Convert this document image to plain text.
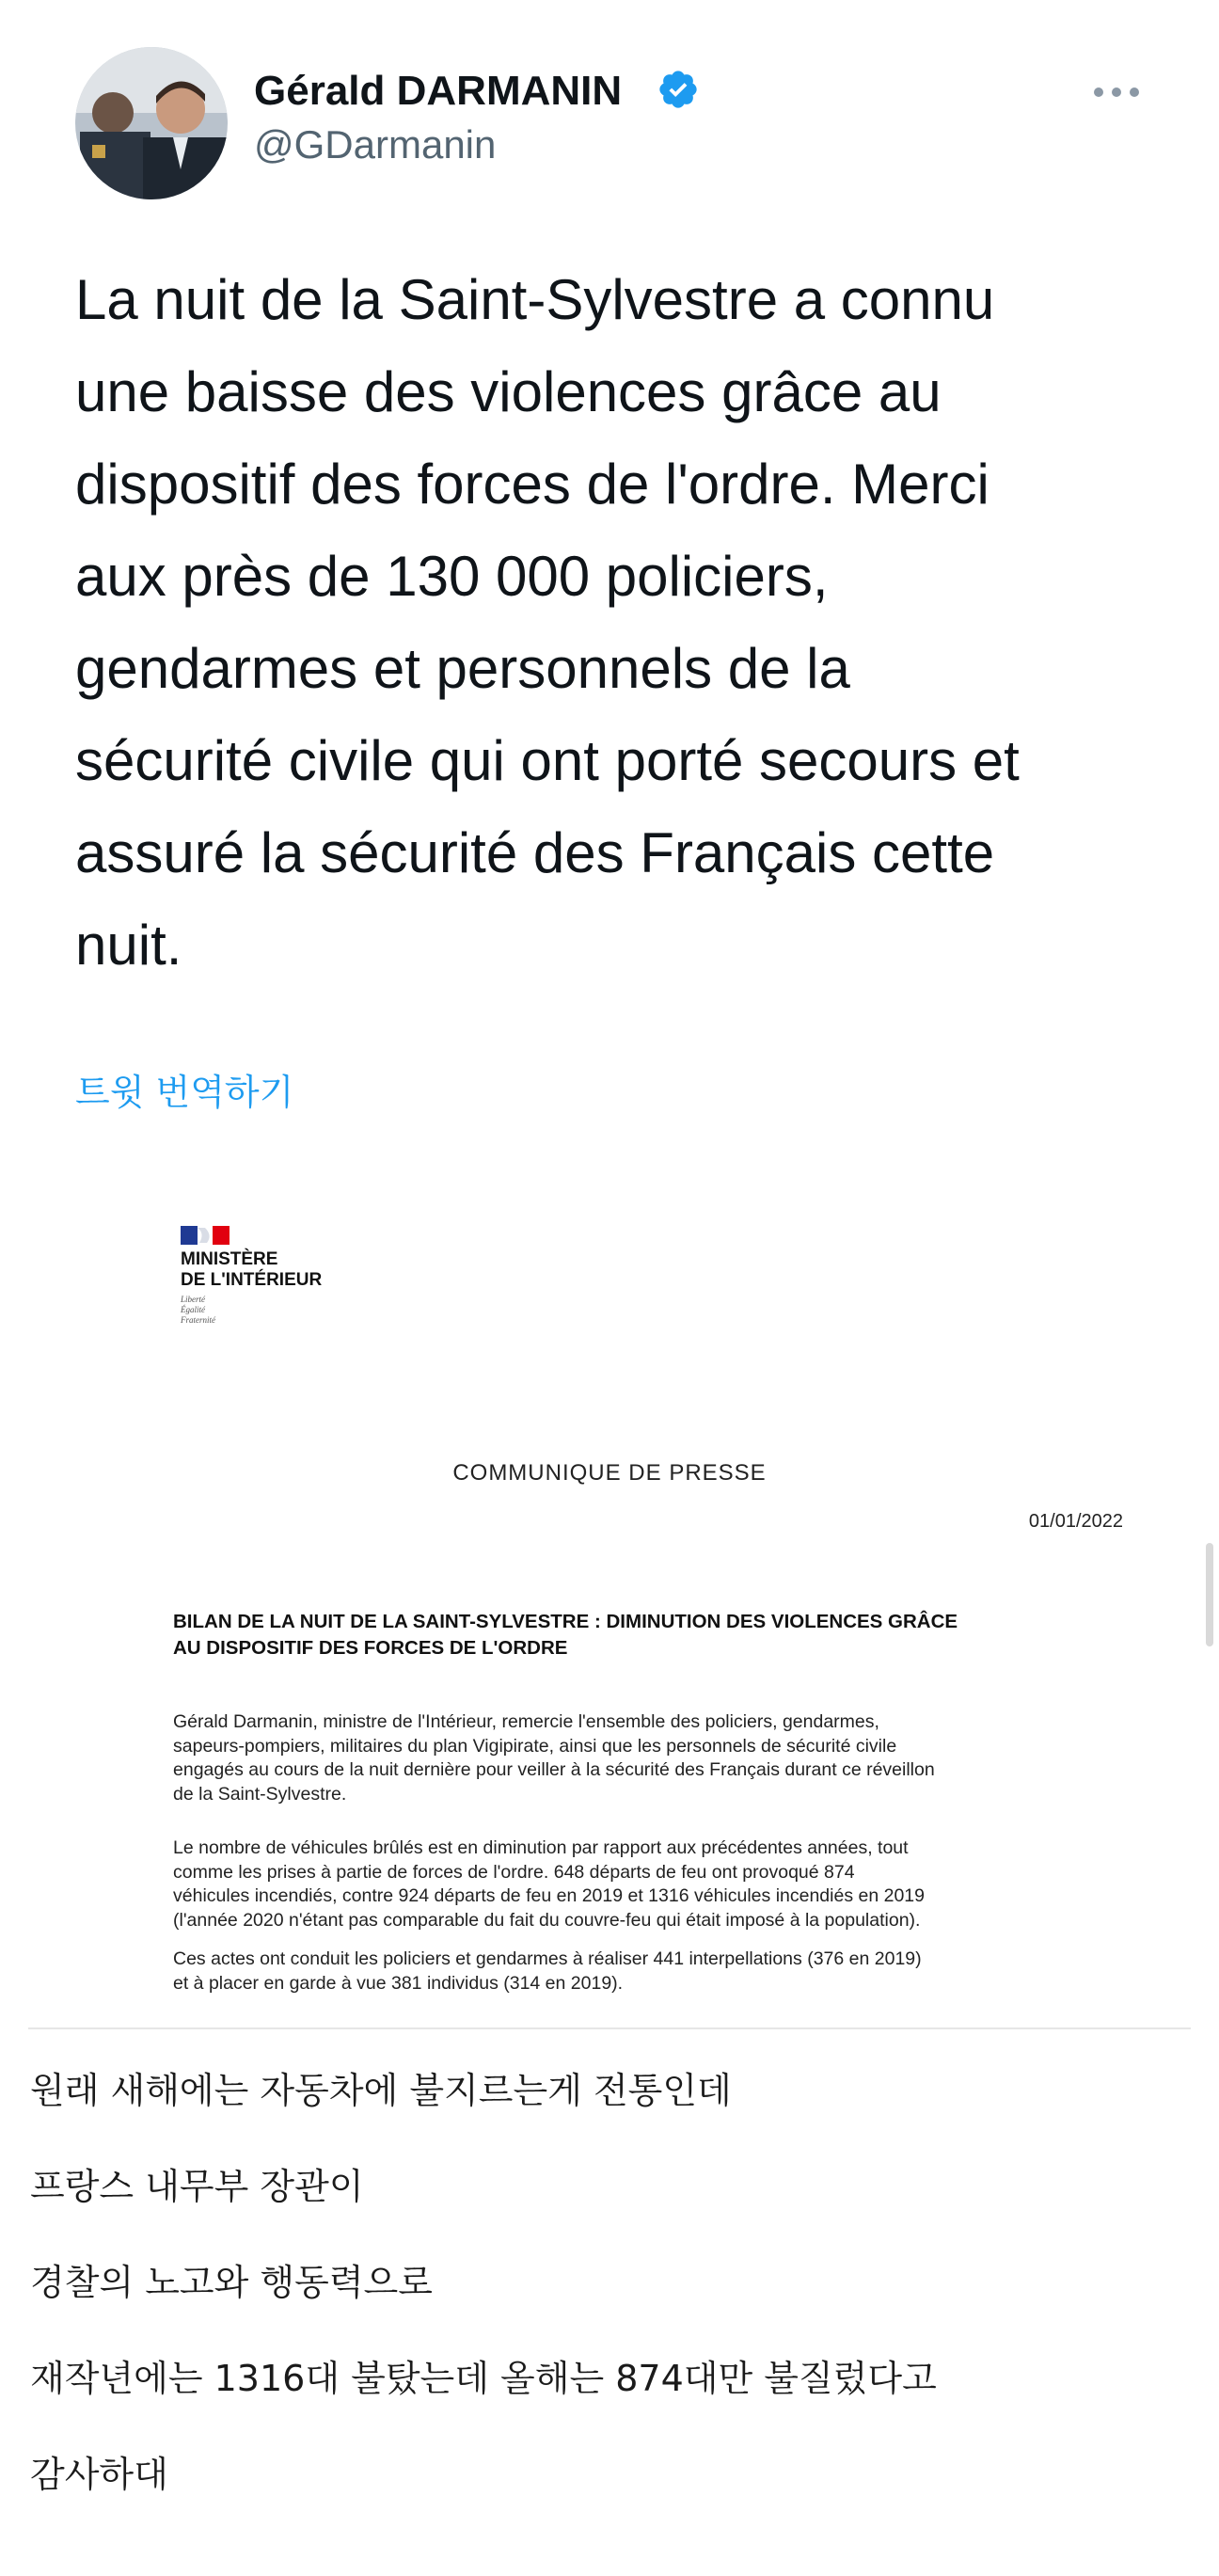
Gérald DARMANIN
@GDarmanin
La nuit de la Saint-Sylvestre a connu
une baisse des violences grâce au
dispositif des forces de l'ordre. Merci
aux près de 130 000 policiers,
gendarmes et personnels de la
sécurité civile qui ont porté secours et
assuré la sécurité des Français cette
nuit.
트윗 번역하기
MINISTÈRE
DE L'INTÉRIEUR
Liberté
Égalité
Fraternité
COMMUNIQUE DE PRESSE
01/01/2022
BILAN DE LA NUIT DE LA SAINT-SYLVESTRE : DIMINUTION DES VIOLENCES GRÂCE
AU DISPOSITIF DES FORCES DE L'ORDRE
Gérald Darmanin, ministre de l'Intérieur, remercie l'ensemble des policiers, gendarmes,
sapeurs-pompiers, militaires du plan Vigipirate, ainsi que les personnels de sécurité civile
engagés au cours de la nuit dernière pour veiller à la sécurité des Français durant ce réveillon
de la Saint-Sylvestre.
Le nombre de véhicules brûlés est en diminution par rapport aux précédentes années, tout
comme les prises à partie de forces de l'ordre. 648 départs de feu ont provoqué 874
véhicules incendiés, contre 924 départs de feu en 2019 et 1316 véhicules incendiés en 2019
(l'année 2020 n'étant pas comparable du fait du couvre-feu qui était imposé à la population).
Ces actes ont conduit les policiers et gendarmes à réaliser 441 interpellations (376 en 2019)
et à placer en garde à vue 381 individus (314 en 2019).
원래 새해에는 자동차에 불지르는게 전통인데
프랑스 내무부 장관이
경찰의 노고와 행동력으로
재작년에는 1316대 불탔는데 올해는 874대만 불질렀다고
감사하대
